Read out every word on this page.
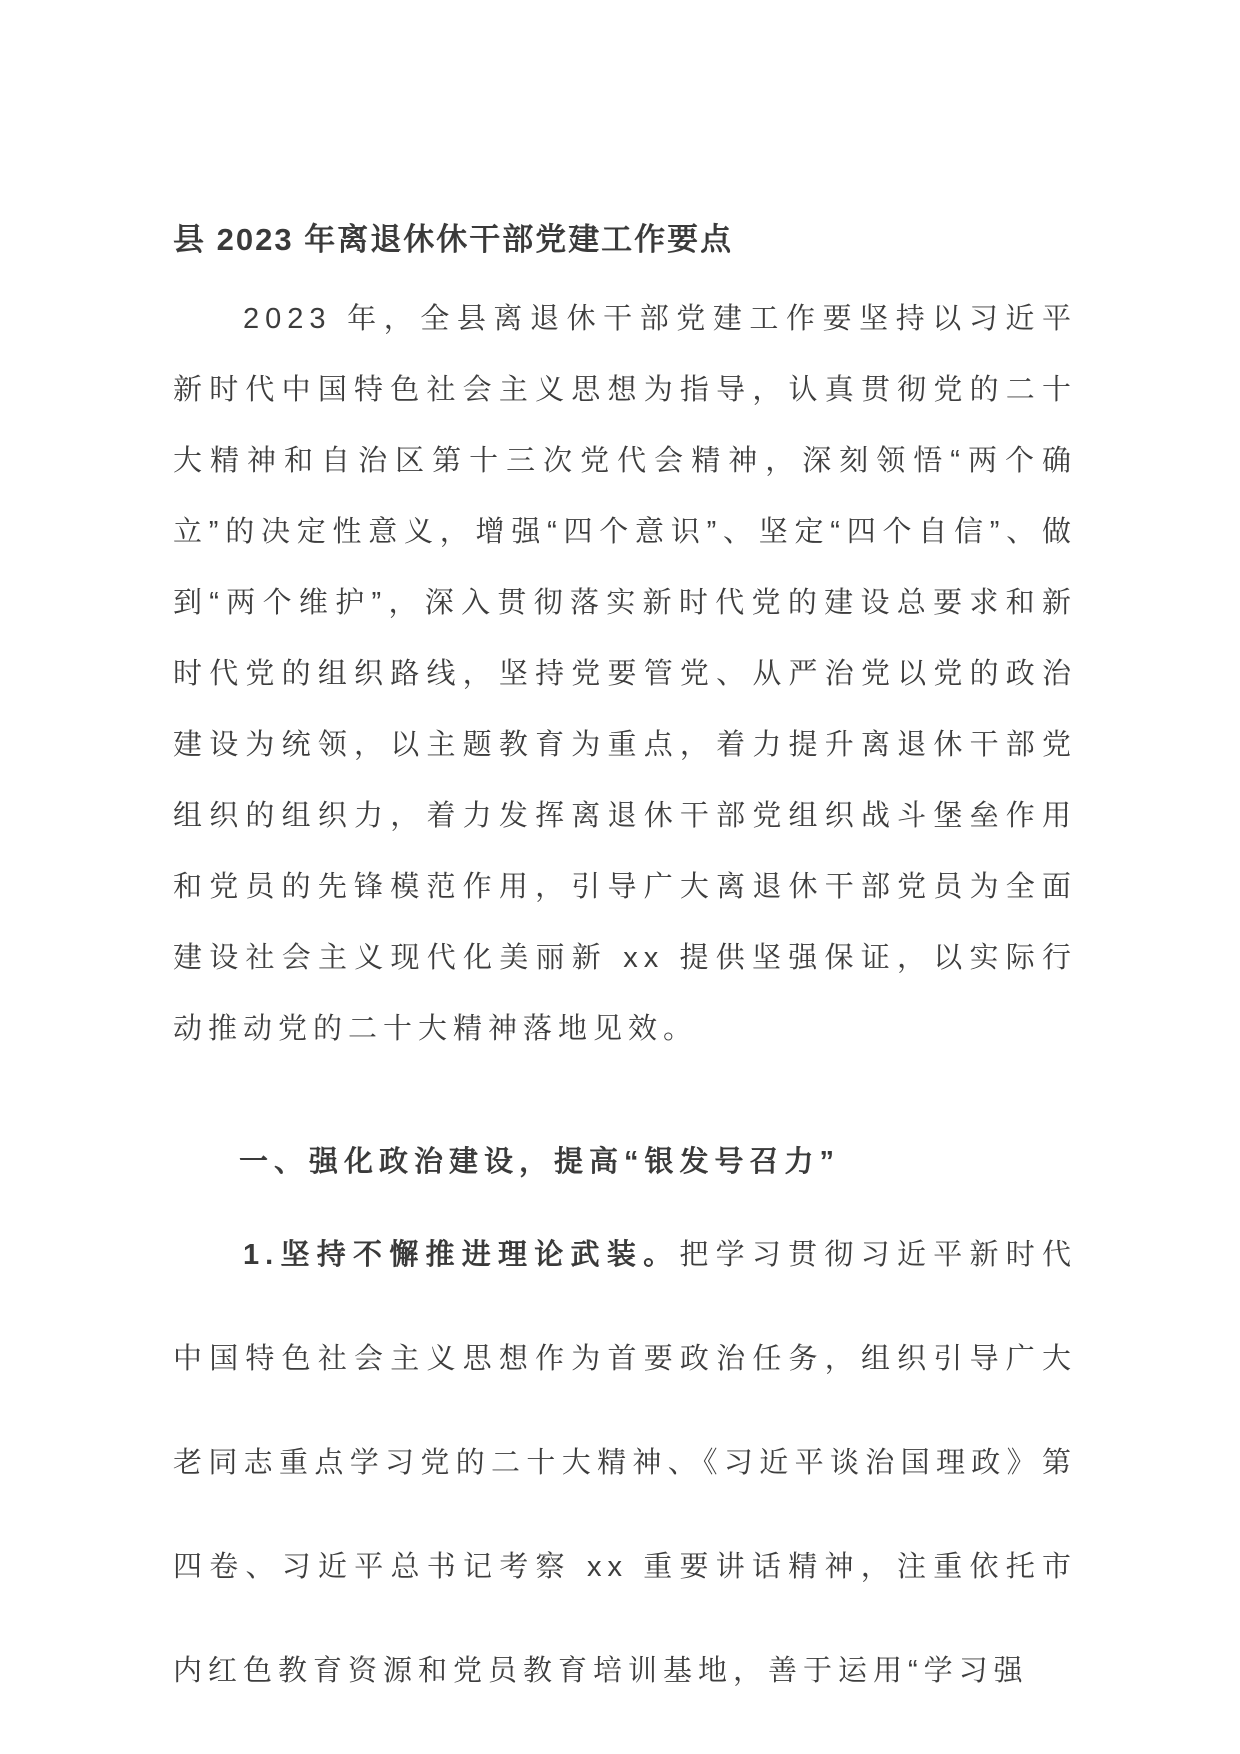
县 2023 年离退休休干部党建工作要点

2023 年，全县离退休干部党建工作要坚持以习近平新时代中国特色社会主义思想为指导，认真贯彻党的二十大精神和自治区第十三次党代会精神，深刻领悟“两个确立”的决定性意义，增强“四个意识”、坚定“四个自信”、做到“两个维护”，深入贯彻落实新时代党的建设总要求和新时代党的组织路线，坚持党要管党、从严治党以党的政治建设为统领，以主题教育为重点，着力提升离退休干部党组织的组织力，着力发挥离退休干部党组织战斗堡垒作用和党员的先锋模范作用，引导广大离退休干部党员为全面建设社会主义现代化美丽新 xx 提供坚强保证，以实际行动推动党的二十大精神落地见效。

一、强化政治建设，提高“银发号召力”

1.坚持不懈推进理论武装。把学习贯彻习近平新时代中国特色社会主义思想作为首要政治任务，组织引导广大老同志重点学习党的二十大精神、《习近平谈治国理政》第四卷、习近平总书记考察 xx 重要讲话精神，注重依托市内红色教育资源和党员教育培训基地，善于运用“学习强
